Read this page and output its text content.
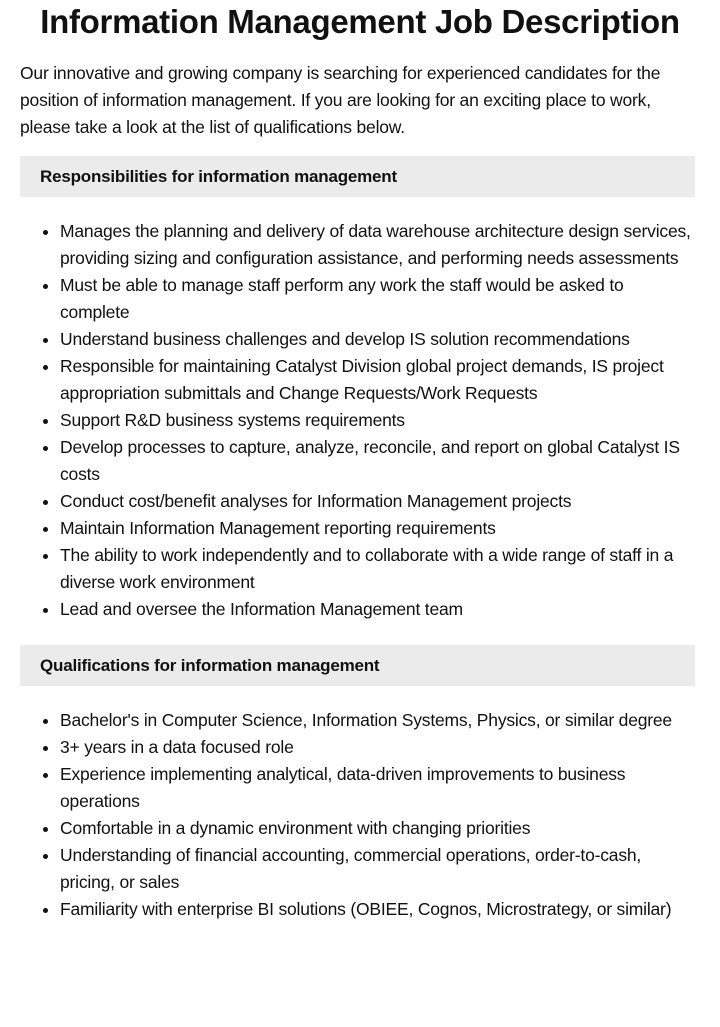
Information Management Job Description

Our innovative and growing company is searching for experienced candidates for the position of information management. If you are looking for an exciting place to work, please take a look at the list of qualifications below.

Responsibilities for information management
• Manages the planning and delivery of data warehouse architecture design services, providing sizing and configuration assistance, and performing needs assessments
• Must be able to manage staff perform any work the staff would be asked to complete
• Understand business challenges and develop IS solution recommendations
• Responsible for maintaining Catalyst Division global project demands, IS project appropriation submittals and Change Requests/Work Requests
• Support R&D business systems requirements
• Develop processes to capture, analyze, reconcile, and report on global Catalyst IS costs
• Conduct cost/benefit analyses for Information Management projects
• Maintain Information Management reporting requirements
• The ability to work independently and to collaborate with a wide range of staff in a diverse work environment
• Lead and oversee the Information Management team
Qualifications for information management
• Bachelor's in Computer Science, Information Systems, Physics, or similar degree
• 3+ years in a data focused role
• Experience implementing analytical, data-driven improvements to business operations
• Comfortable in a dynamic environment with changing priorities
• Understanding of financial accounting, commercial operations, order-to-cash, pricing, or sales
• Familiarity with enterprise BI solutions (OBIEE, Cognos, Microstrategy, or similar)
